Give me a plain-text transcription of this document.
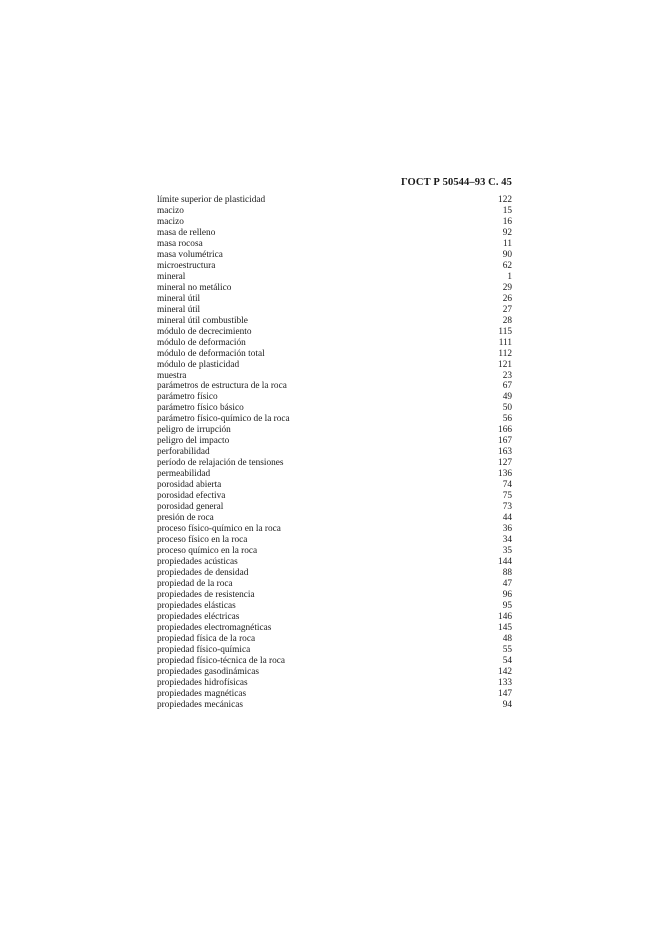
ГОСТ Р 50544–93 С. 45
límite superior de plasticidad	122
macizo	15
macizo	16
masa de relleno	92
masa rocosa	11
masa volumétrica	90
microestructura	62
mineral	1
mineral no metálico	29
mineral útil	26
mineral útil	27
mineral útil combustible	28
módulo de decrecimiento	115
módulo de deformación	111
módulo de deformación total	112
módulo de plasticidad	121
muestra	23
parámetros de estructura de la roca	67
parámetro físico	49
parámetro físico básico	50
parámetro físico-químico de la roca	56
peligro de irrupción	166
peligro del impacto	167
perforabilidad	163
período de relajación de tensiones	127
permeabilidad	136
porosidad abierta	74
porosidad efectiva	75
porosidad general	73
presión de roca	44
proceso físico-químico en la roca	36
proceso físico en la roca	34
proceso químico en la roca	35
propiedades acústicas	144
propiedades de densidad	88
propiedad de la roca	47
propiedades de resistencia	96
propiedades elásticas	95
propiedades eléctricas	146
propiedades electromagnéticas	145
propiedad física de la roca	48
propiedad físico-química	55
propiedad físico-técnica de la roca	54
propiedades gasodinámicas	142
propiedades hidrofísicas	133
propiedades magnéticas	147
propiedades mecánicas	94
